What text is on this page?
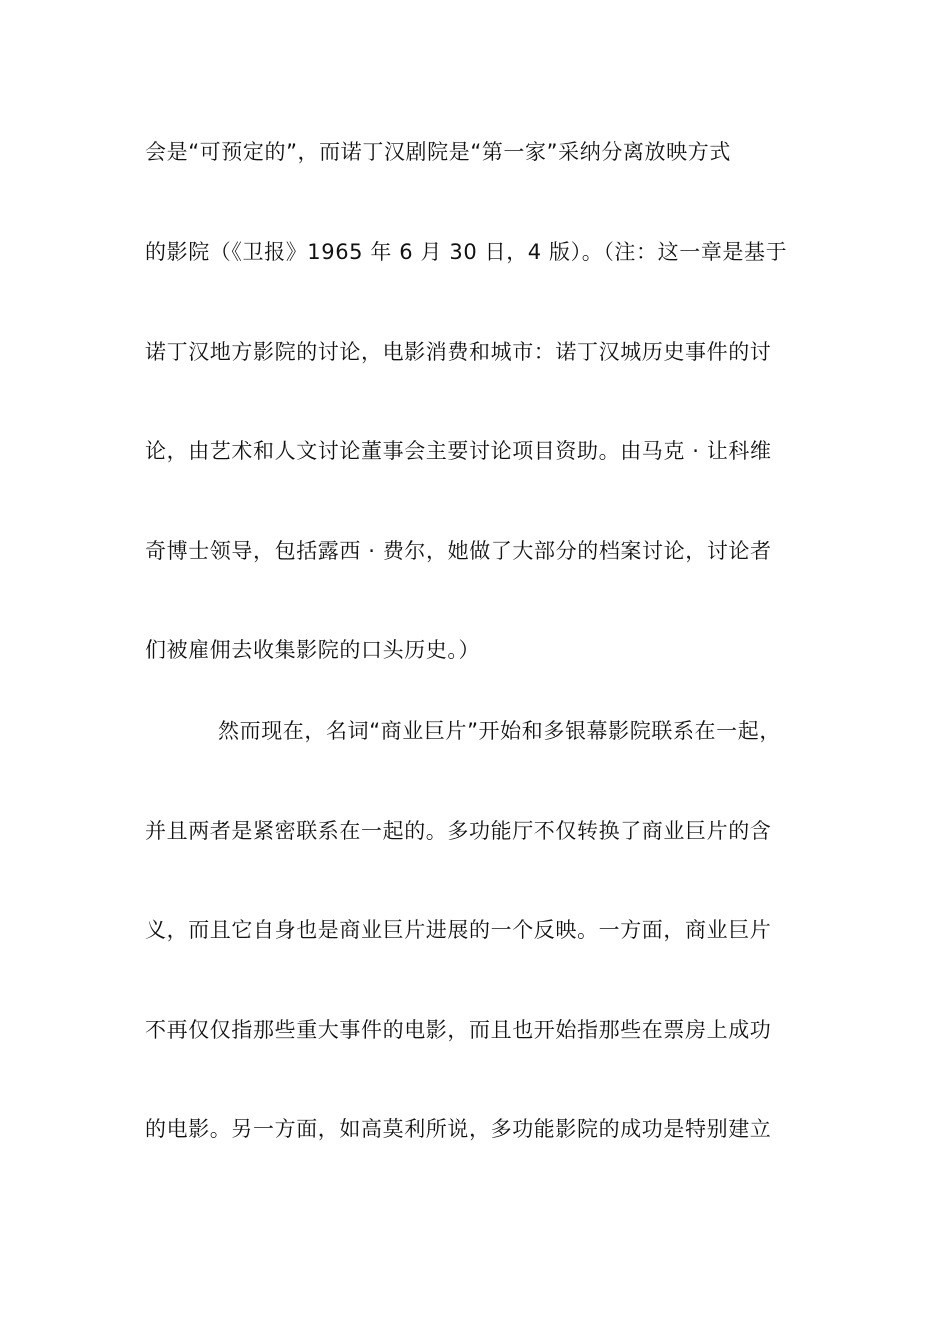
会是“可预定的”，而诺丁汉剧院是“第一家”采纳分离放映方式
的影院（《卫报》1965 年 6 月 30 日，4 版）。（注：这一章是基于
诺丁汉地方影院的讨论，电影消费和城市：诺丁汉城历史事件的讨
论，由艺术和人文讨论董事会主要讨论项目资助。由马克 · 让科维
奇博士领导，包括露西 · 费尔，她做了大部分的档案讨论，讨论者
们被雇佣去收集影院的口头历史。）
然而现在，名词“商业巨片”开始和多银幕影院联系在一起，
并且两者是紧密联系在一起的。多功能厅不仅转换了商业巨片的含
义，而且它自身也是商业巨片进展的一个反映。一方面，商业巨片
不再仅仅指那些重大事件的电影，而且也开始指那些在票房上成功
的电影。另一方面，如高莫利所说，多功能影院的成功是特别建立
